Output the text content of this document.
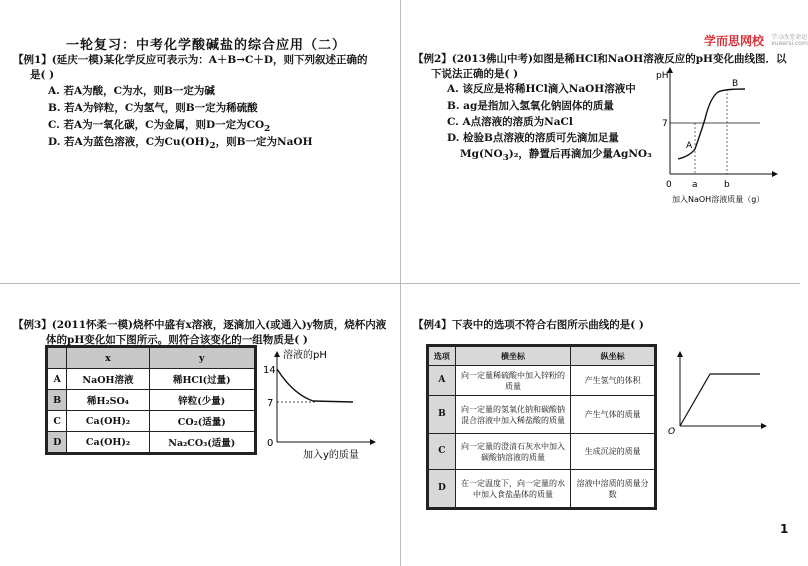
一轮复习：中考化学酸碱盐的综合应用（二）
【例1】(延庆一模)某化学反应可表示为：A＋B→C＋D，则下列叙述正确的
是( )
A. 若A为酸，C为水，则B一定为碱
B. 若A为锌粒，C为氢气，则B一定为稀硫酸
C. 若A为一氧化碳，C为金属，则D一定为$CO_2$
D. 若A为蓝色溶液，C为$Cu(OH)_2$，则B一定为NaOH
学而思网校 学习改变命运
xueersi.com
【例2】(2013佛山中考)如图是稀HCl和NaOH溶液反应的pH变化曲线图．以
下说法正确的是( )
A. 该反应是将稀HCl滴入NaOH溶液中
B. ag是指加入氢氧化钠固体的质量
C. A点溶液的溶质为NaCl
D. 检验B点溶液的溶质可先滴加足量
$Mg(NO_3)_2$，静置后再滴加少量AgNO₃
pH
7
A
B
0 a	b
加入NaOH溶液质量（g）
【例3】(2011怀柔一模)烧杯中盛有x溶液，逐滴加入(或通入)y物质，烧杯内液
体的pH变化如下图所示。则符合该变化的一组物质是( )
	x	y
A	NaOH溶液	稀HCl(过量)
B	稀H₂SO₄	锌粒(少量)
C	Ca(OH)₂	CO₂(适量)
D	Ca(OH)₂	Na₂CO₃(适量)
溶液的pH
14
7
0
加入y的质量
【例4】下表中的选项不符合右图所示曲线的是( )
选项	横坐标	纵坐标
A	向一定量稀硫酸中加入锌粉的质量	产生氢气的体积
B	向一定量的氢氧化钠和碳酸钠混合溶液中加入稀盐酸的质量	产生气体的质量
C	向一定量的澄清石灰水中加入碳酸钠溶液的质量	生成沉淀的质量
D	在一定温度下，向一定量的水中加入食盐晶体的质量	溶液中溶质的质量分数
O
1
